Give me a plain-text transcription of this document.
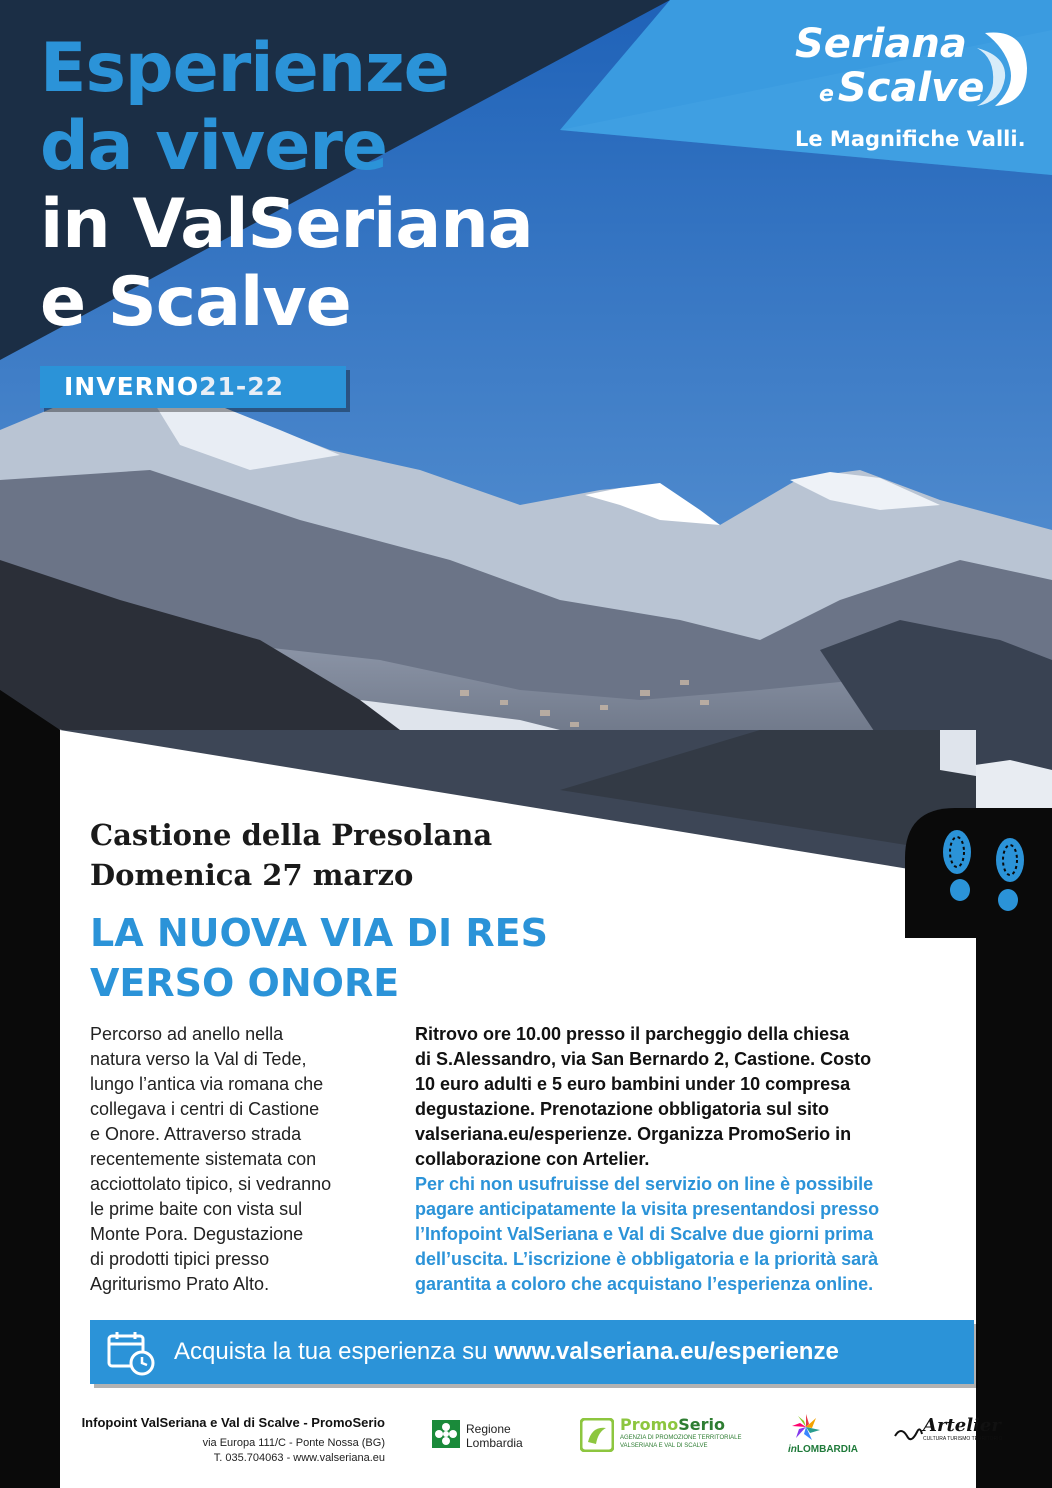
Esperienze
da vivere
in ValSeriana
e Scalve
INVERNO21-22
Seriana
e Scalve
Le Magnifiche Valli.
Castione della Presolana
Domenica 27 marzo
LA NUOVA VIA DI RES
VERSO ONORE
Percorso ad anello nella
natura verso la Val di Tede,
lungo l’antica via romana che
collegava i centri di Castione
e Onore. Attraverso strada
recentemente sistemata con
acciottolato tipico, si vedranno
le prime baite con vista sul
Monte Pora. Degustazione
di prodotti tipici presso
Agriturismo Prato Alto.
Ritrovo ore 10.00 presso il parcheggio della chiesa
di S.Alessandro, via San Bernardo 2, Castione. Costo
10 euro adulti e 5 euro bambini under 10 compresa
degustazione. Prenotazione obbligatoria sul sito
valseriana.eu/esperienze. Organizza PromoSerio in
collaborazione con Artelier.
Per chi non usufruisse del servizio on line è possibile
pagare anticipatamente la visita presentandosi presso
l’Infopoint ValSeriana e Val di Scalve due giorni prima
dell’uscita. L’iscrizione è obbligatoria e la priorità sarà
garantita a coloro che acquistano l’esperienza online.
Acquista la tua esperienza su www.valseriana.eu/esperienze
Infopoint ValSeriana e Val di Scalve - PromoSerio
via Europa 111/C - Ponte Nossa (BG)
T. 035.704063 - www.valseriana.eu
Regione
Lombardia
PromoSerio
AGENZIA DI PROMOZIONE TERRITORIALE
VALSERIANA E VAL DI SCALVE	inLOMBARDIA
Artelier
CULTURA TURISMO TERRITORIO
